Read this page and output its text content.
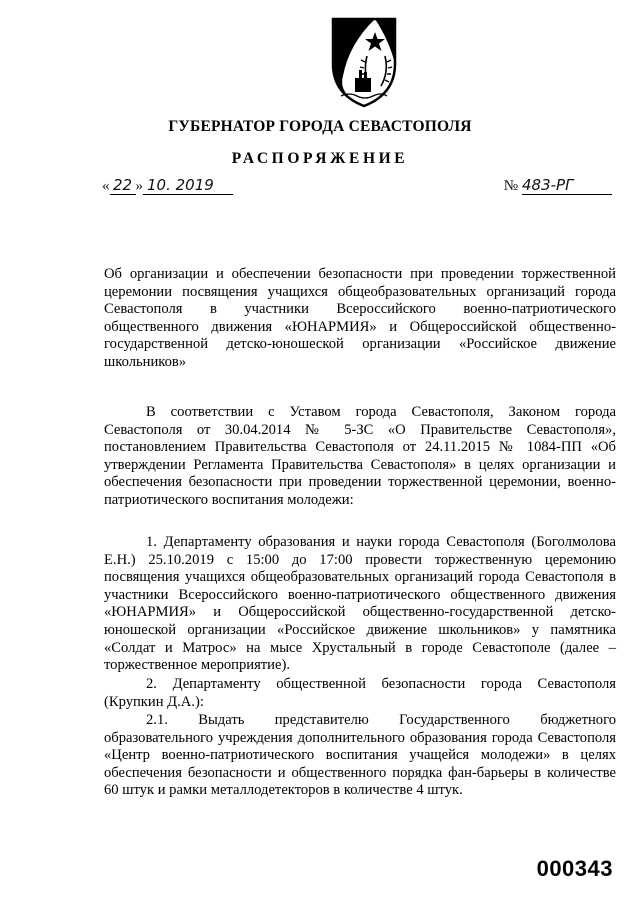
ГУБЕРНАТОР ГОРОДА СЕВАСТОПОЛЯ
РАСПОРЯЖЕНИЕ
« 22 » 10. 2019	№ 483-РГ

Об организации и обеспечении безопасности при проведении торжественной церемонии посвящения учащихся общеобразовательных организаций города Севастополя в участники Всероссийского военно-патриотического общественного движения «ЮНАРМИЯ» и Общероссийской общественно-государственной детско-юношеской организации «Российское движение школьников»

В соответствии с Уставом города Севастополя, Законом города Севастополя от 30.04.2014 № 5-ЗС «О Правительстве Севастополя», постановлением Правительства Севастополя от 24.11.2015 № 1084-ПП «Об утверждении Регламента Правительства Севастополя» в целях организации и обеспечения безопасности при проведении торжественной церемонии, военно-патриотического воспитания молодежи:

1. Департаменту образования и науки города Севастополя (Боголмолова Е.Н.) 25.10.2019 с 15:00 до 17:00 провести торжественную церемонию посвящения учащихся общеобразовательных организаций города Севастополя в участники Всероссийского военно-патриотического общественного движения «ЮНАРМИЯ» и Общероссийской общественно-государственной детско-юношеской организации «Российское движение школьников» у памятника «Солдат и Матрос» на мысе Хрустальный в городе Севастополе (далее – торжественное мероприятие).

2. Департаменту общественной безопасности города Севастополя (Крупкин Д.А.):

2.1. Выдать представителю Государственного бюджетного образовательного учреждения дополнительного образования города Севастополя «Центр военно-патриотического воспитания учащейся молодежи» в целях обеспечения безопасности и общественного порядка фан-барьеры в количестве 60 штук и рамки металлодетекторов в количестве 4 штук.

000343
